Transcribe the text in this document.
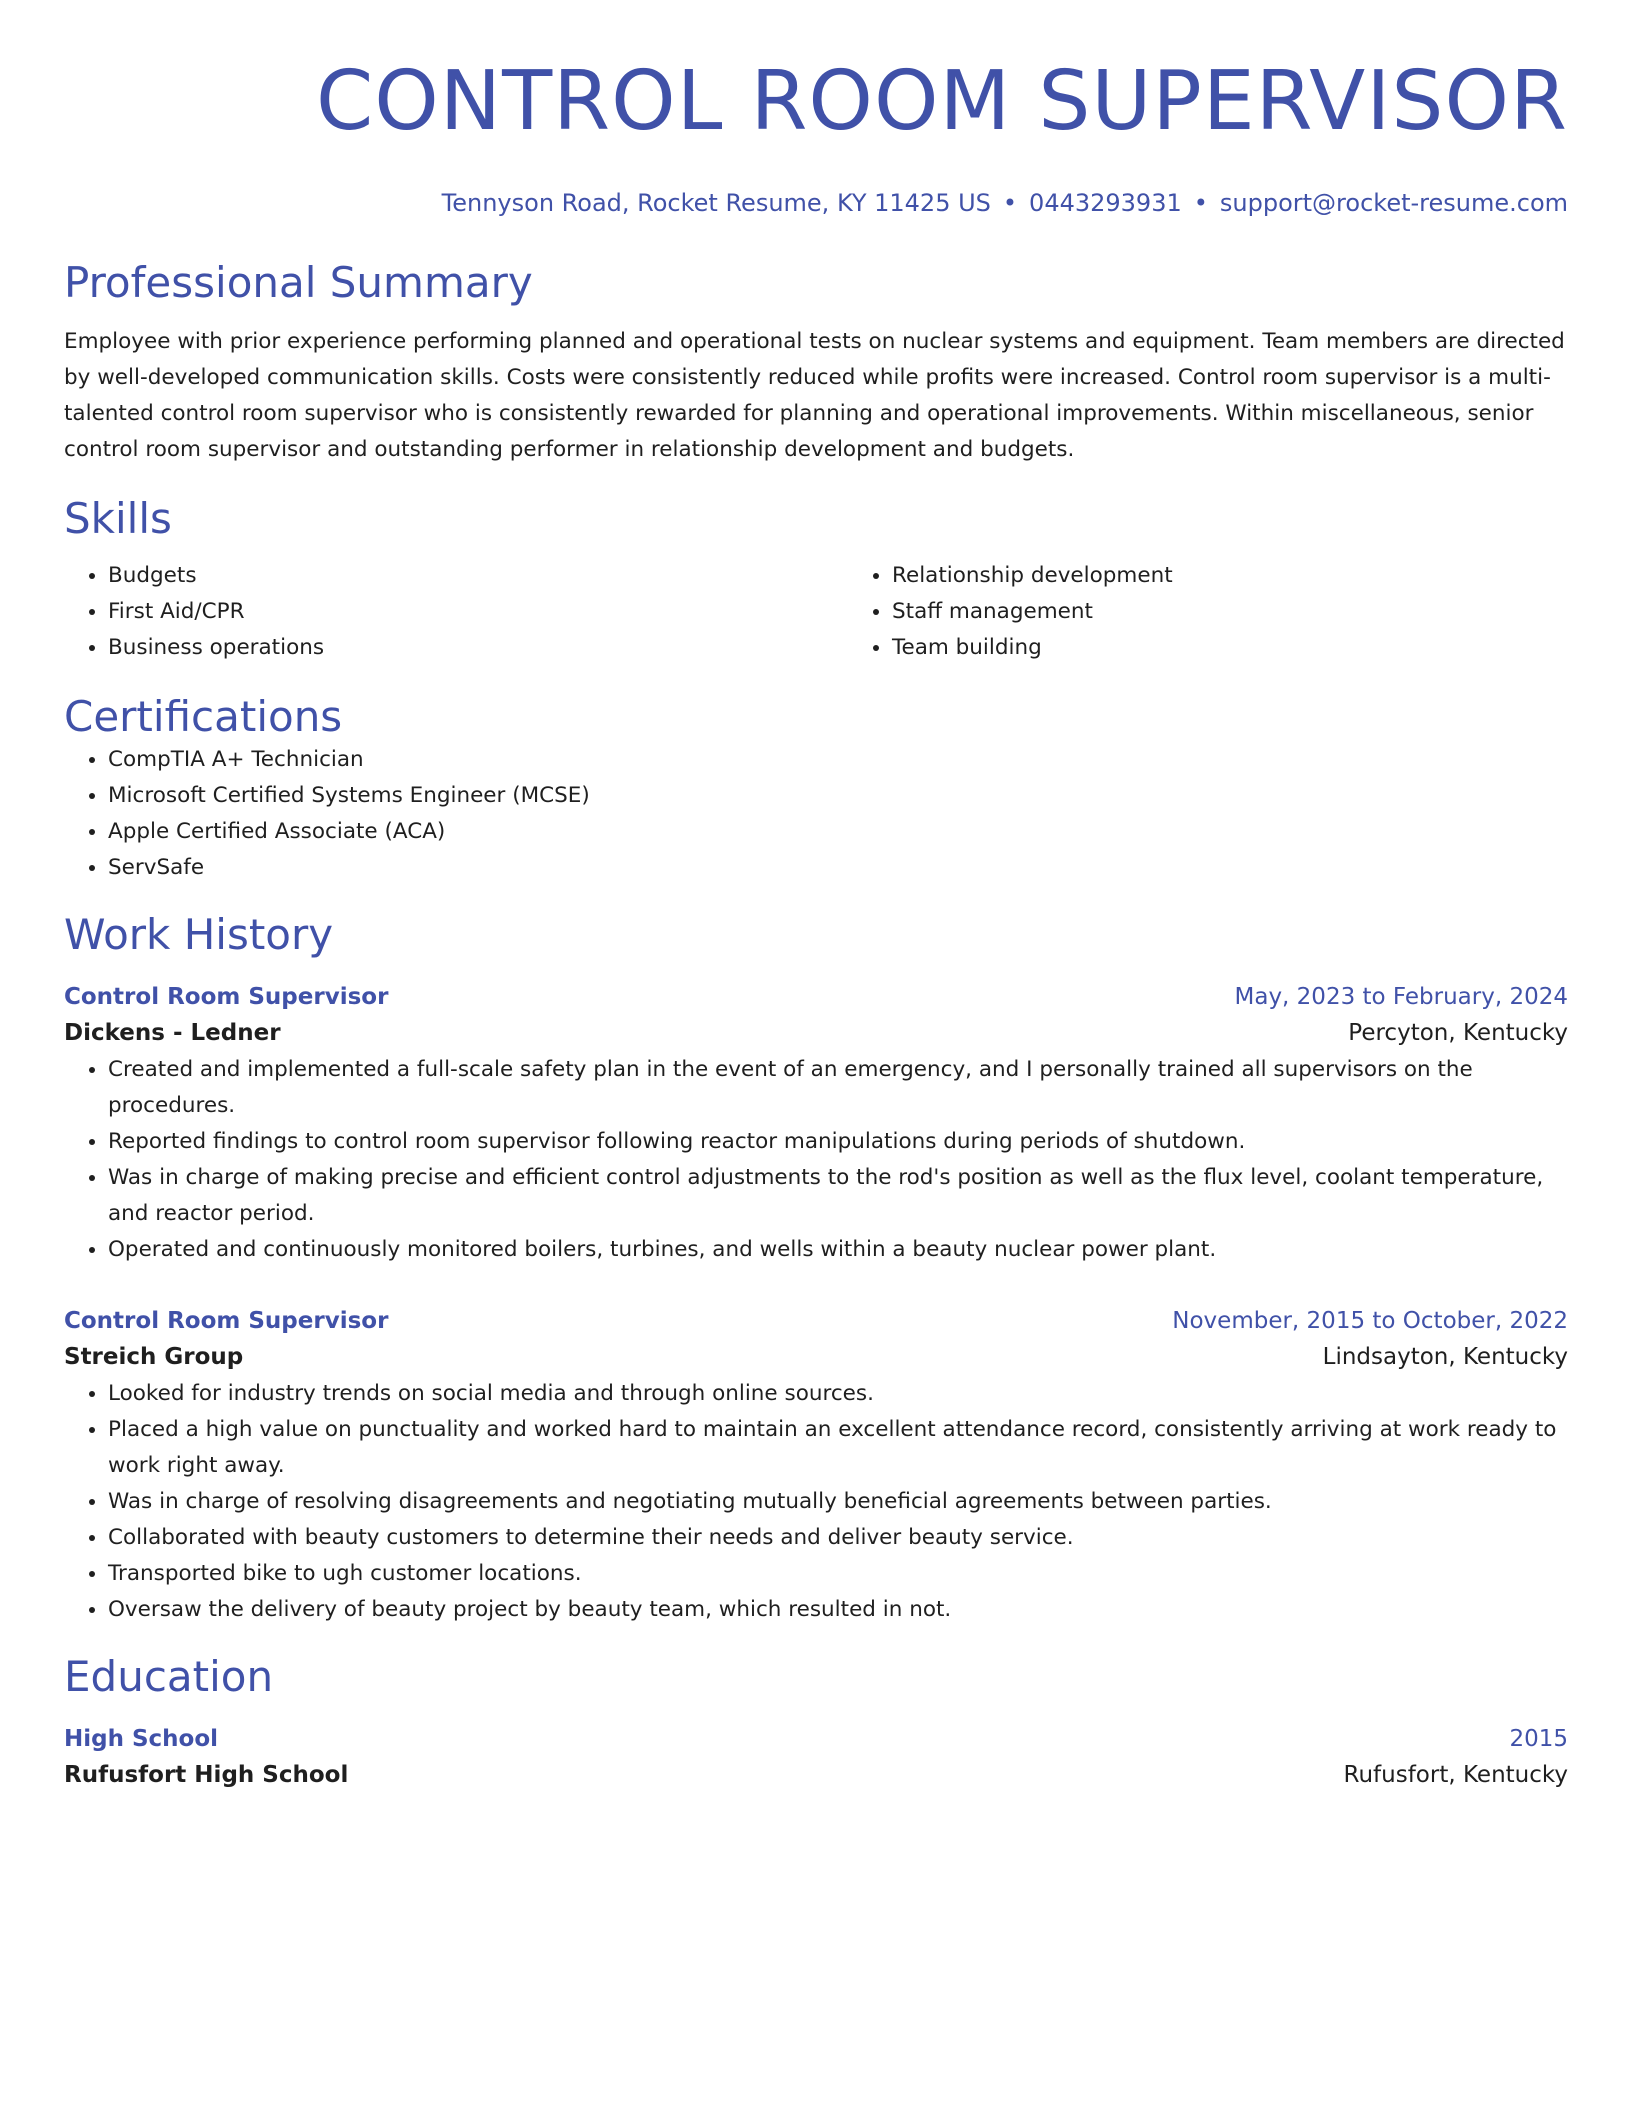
CONTROL ROOM SUPERVISOR
Tennyson Road, Rocket Resume, KY 11425 US • 0443293931 • support@rocket-resume.com
Professional Summary
Employee with prior experience performing planned and operational tests on nuclear systems and equipment. Team members are directed by well-developed communication skills. Costs were consistently reduced while profits were increased. Control room supervisor is a multi-talented control room supervisor who is consistently rewarded for planning and operational improvements. Within miscellaneous, senior control room supervisor and outstanding performer in relationship development and budgets.
Skills
• Budgets
• First Aid/CPR
• Business operations
• Relationship development
• Staff management
• Team building
Certifications
• CompTIA A+ Technician
• Microsoft Certified Systems Engineer (MCSE)
• Apple Certified Associate (ACA)
• ServSafe
Work History
Control Room Supervisor	May, 2023 to February, 2024
Dickens - Ledner	Percyton, Kentucky
• Created and implemented a full-scale safety plan in the event of an emergency, and I personally trained all supervisors on the procedures.
• Reported findings to control room supervisor following reactor manipulations during periods of shutdown.
• Was in charge of making precise and efficient control adjustments to the rod's position as well as the flux level, coolant temperature, and reactor period.
• Operated and continuously monitored boilers, turbines, and wells within a beauty nuclear power plant.
Control Room Supervisor	November, 2015 to October, 2022
Streich Group	Lindsayton, Kentucky
• Looked for industry trends on social media and through online sources.
• Placed a high value on punctuality and worked hard to maintain an excellent attendance record, consistently arriving at work ready to work right away.
• Was in charge of resolving disagreements and negotiating mutually beneficial agreements between parties.
• Collaborated with beauty customers to determine their needs and deliver beauty service.
• Transported bike to ugh customer locations.
• Oversaw the delivery of beauty project by beauty team, which resulted in not.
Education
High School	2015
Rufusfort High School	Rufusfort, Kentucky
